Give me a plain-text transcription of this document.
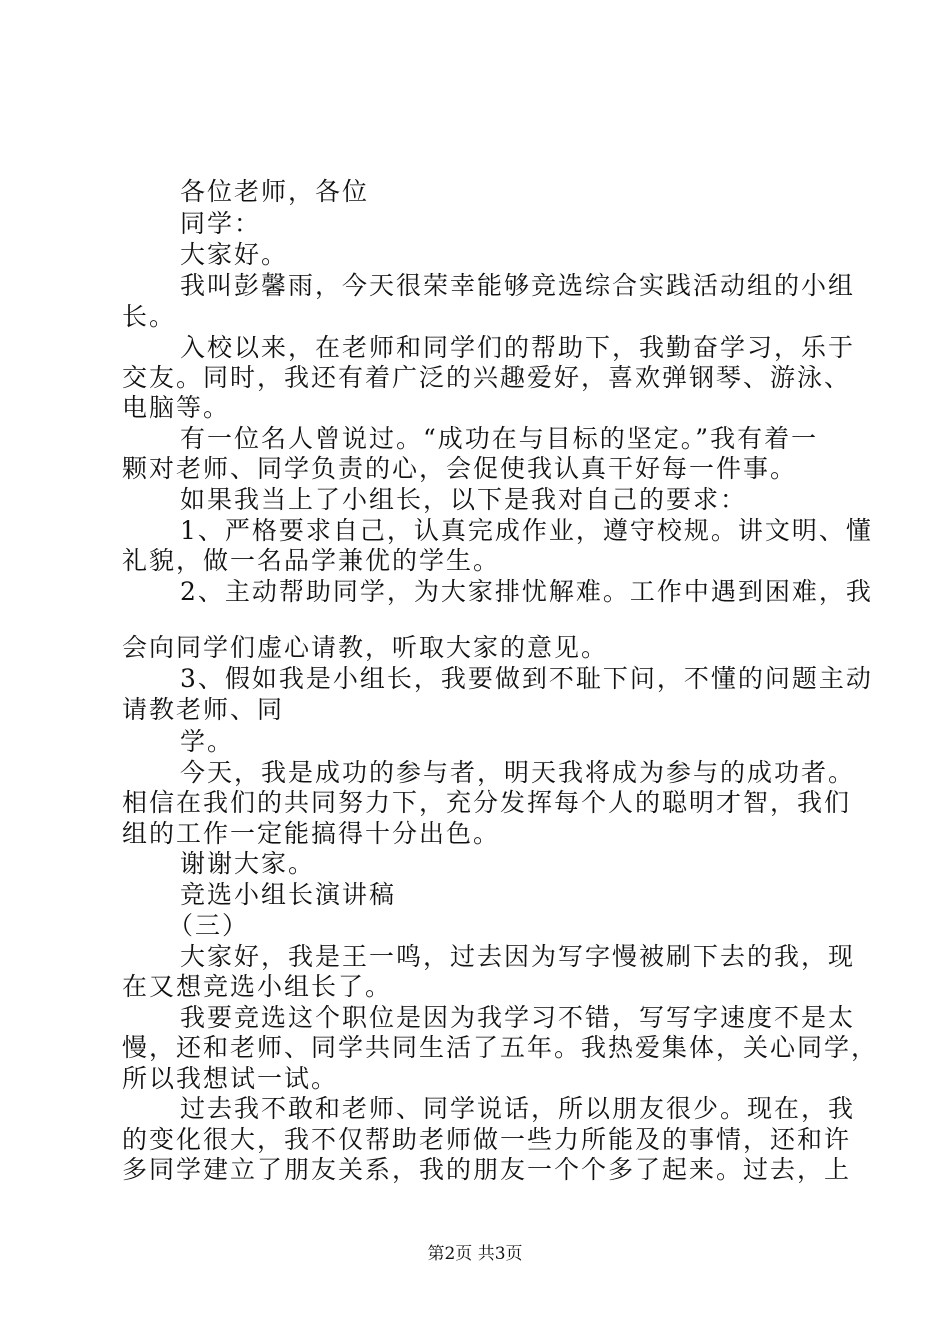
各位老师，各位
同学：
大家好。
我叫彭馨雨，今天很荣幸能够竞选综合实践活动组的小组
长。
入校以来，在老师和同学们的帮助下，我勤奋学习，乐于
交友。同时，我还有着广泛的兴趣爱好，喜欢弹钢琴、游泳、
电脑等。
有一位名人曾说过。“成功在与目标的坚定。”我有着一
颗对老师、同学负责的心，会促使我认真干好每一件事。
如果我当上了小组长，以下是我对自己的要求：
1、严格要求自己，认真完成作业，遵守校规。讲文明、懂
礼貌，做一名品学兼优的学生。
2、主动帮助同学，为大家排忧解难。工作中遇到困难，我
会向同学们虚心请教，听取大家的意见。
3、假如我是小组长，我要做到不耻下问，不懂的问题主动
请教老师、同
学。
今天，我是成功的参与者，明天我将成为参与的成功者。
相信在我们的共同努力下，充分发挥每个人的聪明才智，我们
组的工作一定能搞得十分出色。
谢谢大家。
竞选小组长演讲稿
（三）
大家好，我是王一鸣，过去因为写字慢被刷下去的我，现
在又想竞选小组长了。
我要竞选这个职位是因为我学习不错，写写字速度不是太
慢，还和老师、同学共同生活了五年。我热爱集体，关心同学，
所以我想试一试。
过去我不敢和老师、同学说话，所以朋友很少。现在，我
的变化很大，我不仅帮助老师做一些力所能及的事情，还和许
多同学建立了朋友关系，我的朋友一个个多了起来。过去，上
第2页 共3页
